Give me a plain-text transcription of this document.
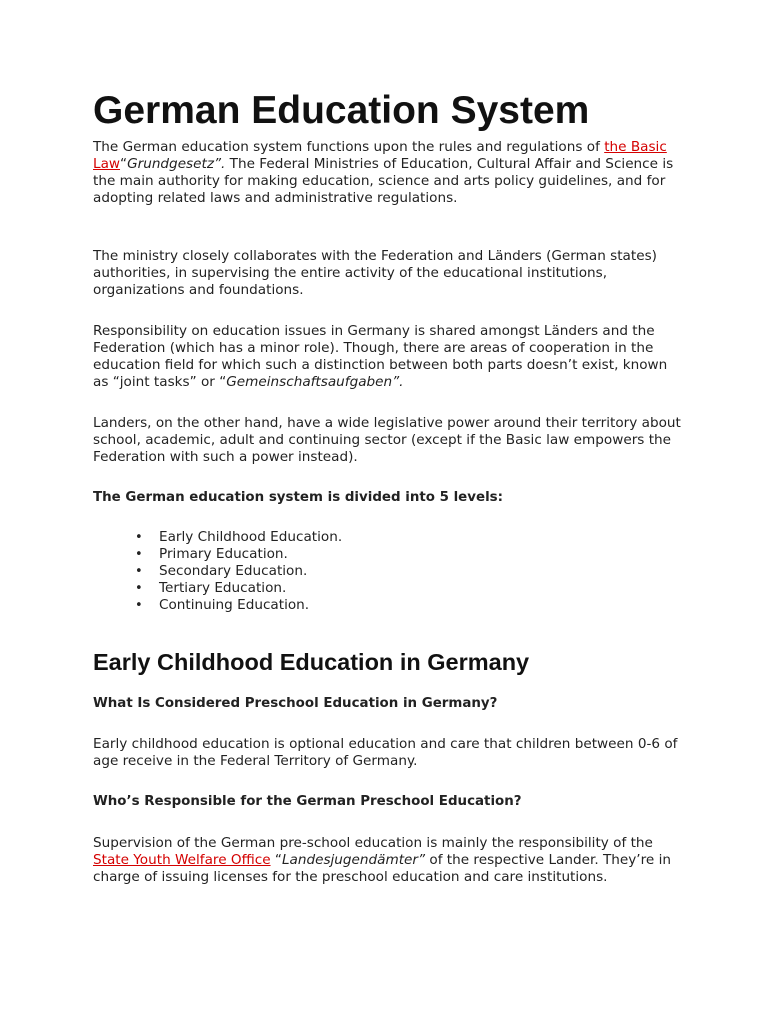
German Education System

The German education system functions upon the rules and regulations of the Basic Law“Grundgesetz”. The Federal Ministries of Education, Cultural Affair and Science is the main authority for making education, science and arts policy guidelines, and for adopting related laws and administrative regulations.

The ministry closely collaborates with the Federation and Länders (German states) authorities, in supervising the entire activity of the educational institutions, organizations and foundations.

Responsibility on education issues in Germany is shared amongst Länders and the Federation (which has a minor role). Though, there are areas of cooperation in the education field for which such a distinction between both parts doesn’t exist, known as “joint tasks” or “Gemeinschaftsaufgaben”.

Landers, on the other hand, have a wide legislative power around their territory about school, academic, adult and continuing sector (except if the Basic law empowers the Federation with such a power instead).

The German education system is divided into 5 levels:

• Early Childhood Education.
• Primary Education.
• Secondary Education.
• Tertiary Education.
• Continuing Education.
Early Childhood Education in Germany

What Is Considered Preschool Education in Germany?

Early childhood education is optional education and care that children between 0-6 of age receive in the Federal Territory of Germany.

Who’s Responsible for the German Preschool Education?

Supervision of the German pre-school education is mainly the responsibility of the State Youth Welfare Office “Landesjugendämter” of the respective Lander. They’re in charge of issuing licenses for the preschool education and care institutions.
